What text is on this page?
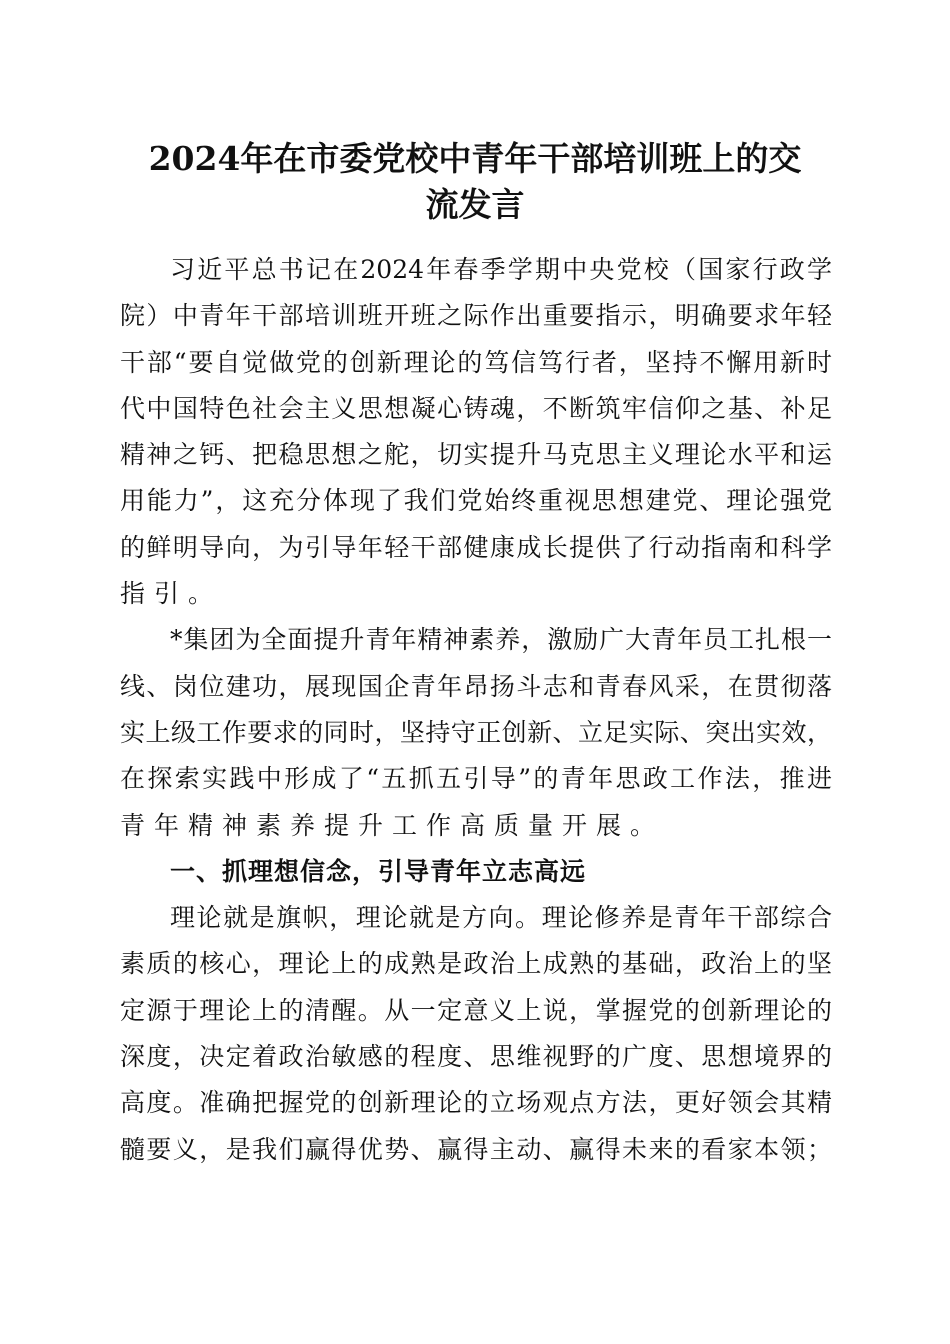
2024年在市委党校中青年干部培训班上的交
流发言
习近平总书记在2024年春季学期中央党校（国家行政学
院）中青年干部培训班开班之际作出重要指示，明确要求年轻
干部“要自觉做党的创新理论的笃信笃行者，坚持不懈用新时
代中国特色社会主义思想凝心铸魂，不断筑牢信仰之基、补足
精神之钙、把稳思想之舵，切实提升马克思主义理论水平和运
用能力”，这充分体现了我们党始终重视思想建党、理论强党
的鲜明导向，为引导年轻干部健康成长提供了行动指南和科学
指引。
*集团为全面提升青年精神素养，激励广大青年员工扎根一
线、岗位建功，展现国企青年昂扬斗志和青春风采，在贯彻落
实上级工作要求的同时，坚持守正创新、立足实际、突出实效，
在探索实践中形成了“五抓五引导”的青年思政工作法，推进
青年精神素养提升工作高质量开展。
一、抓理想信念，引导青年立志高远
理论就是旗帜，理论就是方向。理论修养是青年干部综合
素质的核心，理论上的成熟是政治上成熟的基础，政治上的坚
定源于理论上的清醒。从一定意义上说，掌握党的创新理论的
深度，决定着政治敏感的程度、思维视野的广度、思想境界的
高度。准确把握党的创新理论的立场观点方法，更好领会其精
髓要义，是我们赢得优势、赢得主动、赢得未来的看家本领；
